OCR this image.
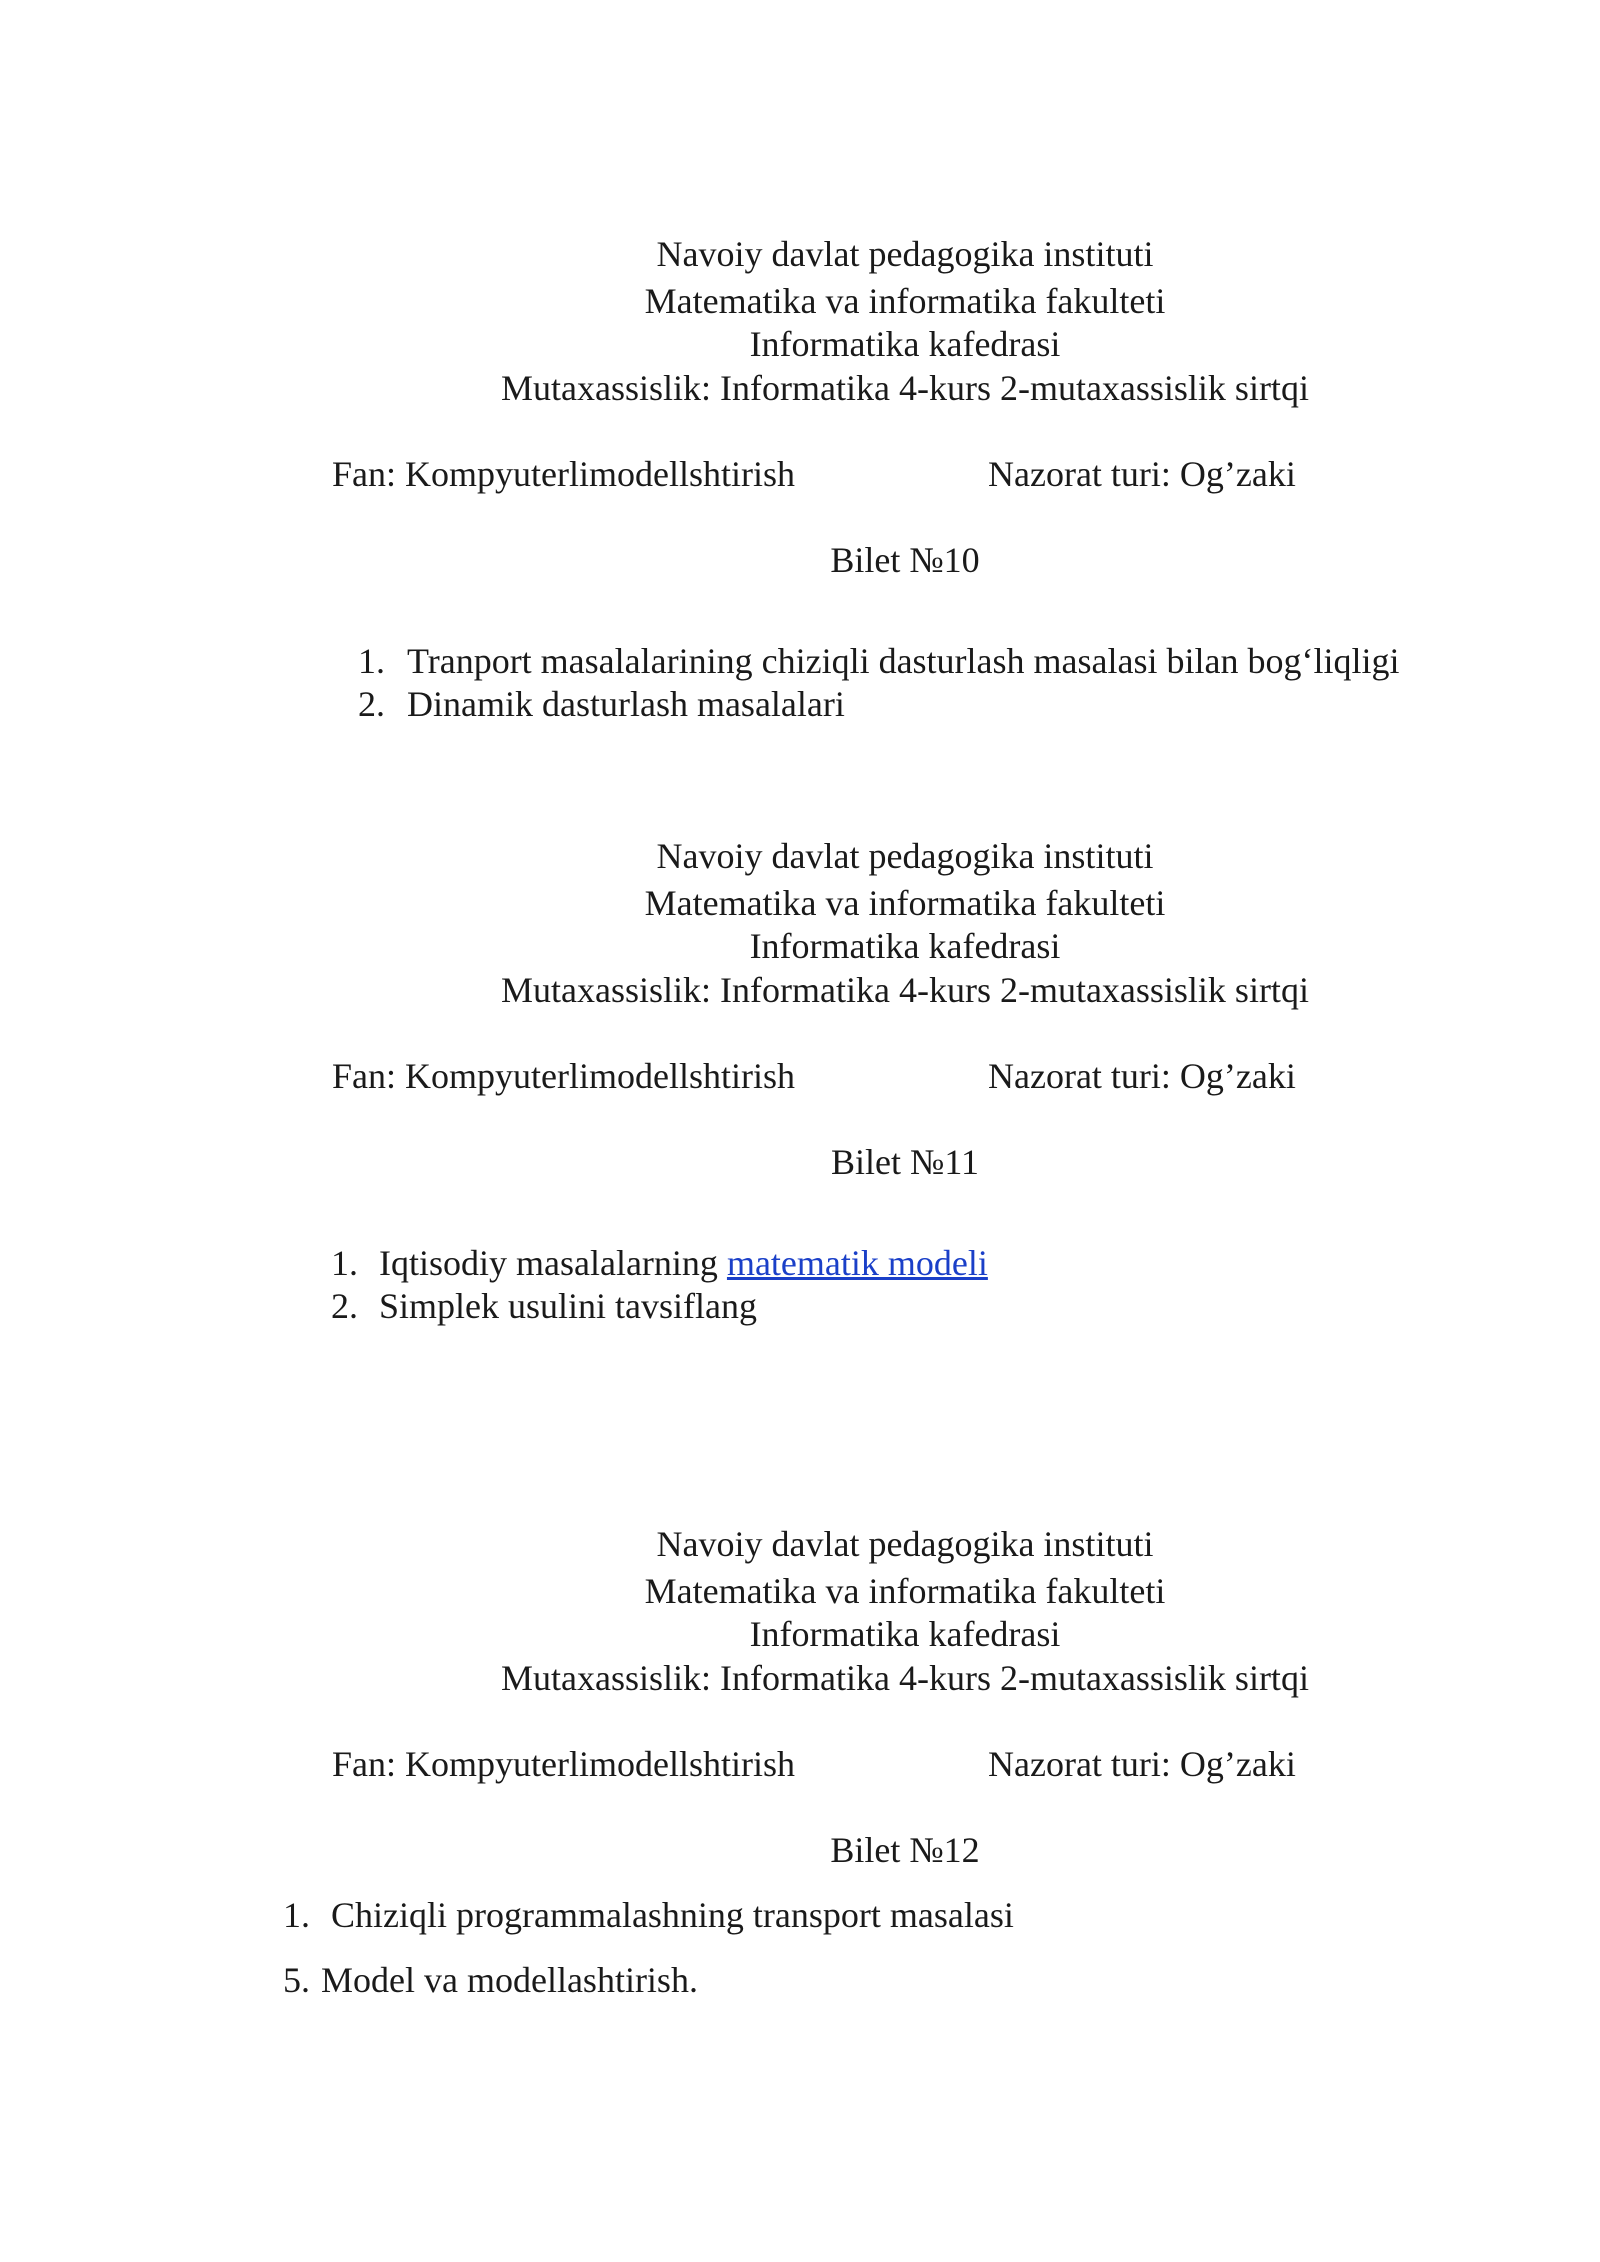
Navoiy davlat pedagogika instituti
Matematika va informatika fakulteti
Informatika kafedrasi
Mutaxassislik: Informatika 4-kurs 2-mutaxassislik sirtqi
Fan: Kompyuterlimodellshtirish	Nazorat turi: Og’zaki
Bilet №10
1. Tranport masalalarining chiziqli dasturlash masalasi bilan bog‘liqligi
2. Dinamik dasturlash masalalari
Navoiy davlat pedagogika instituti
Matematika va informatika fakulteti
Informatika kafedrasi
Mutaxassislik: Informatika 4-kurs 2-mutaxassislik sirtqi
Fan: Kompyuterlimodellshtirish	Nazorat turi: Og’zaki
Bilet №11
1. Iqtisodiy masalalarning matematik modeli
2. Simplek usulini tavsiflang
Navoiy davlat pedagogika instituti
Matematika va informatika fakulteti
Informatika kafedrasi
Mutaxassislik: Informatika 4-kurs 2-mutaxassislik sirtqi
Fan: Kompyuterlimodellshtirish	Nazorat turi: Og’zaki
Bilet №12
1. Chiziqli programmalashning transport masalasi
5. Model va modellashtirish.
